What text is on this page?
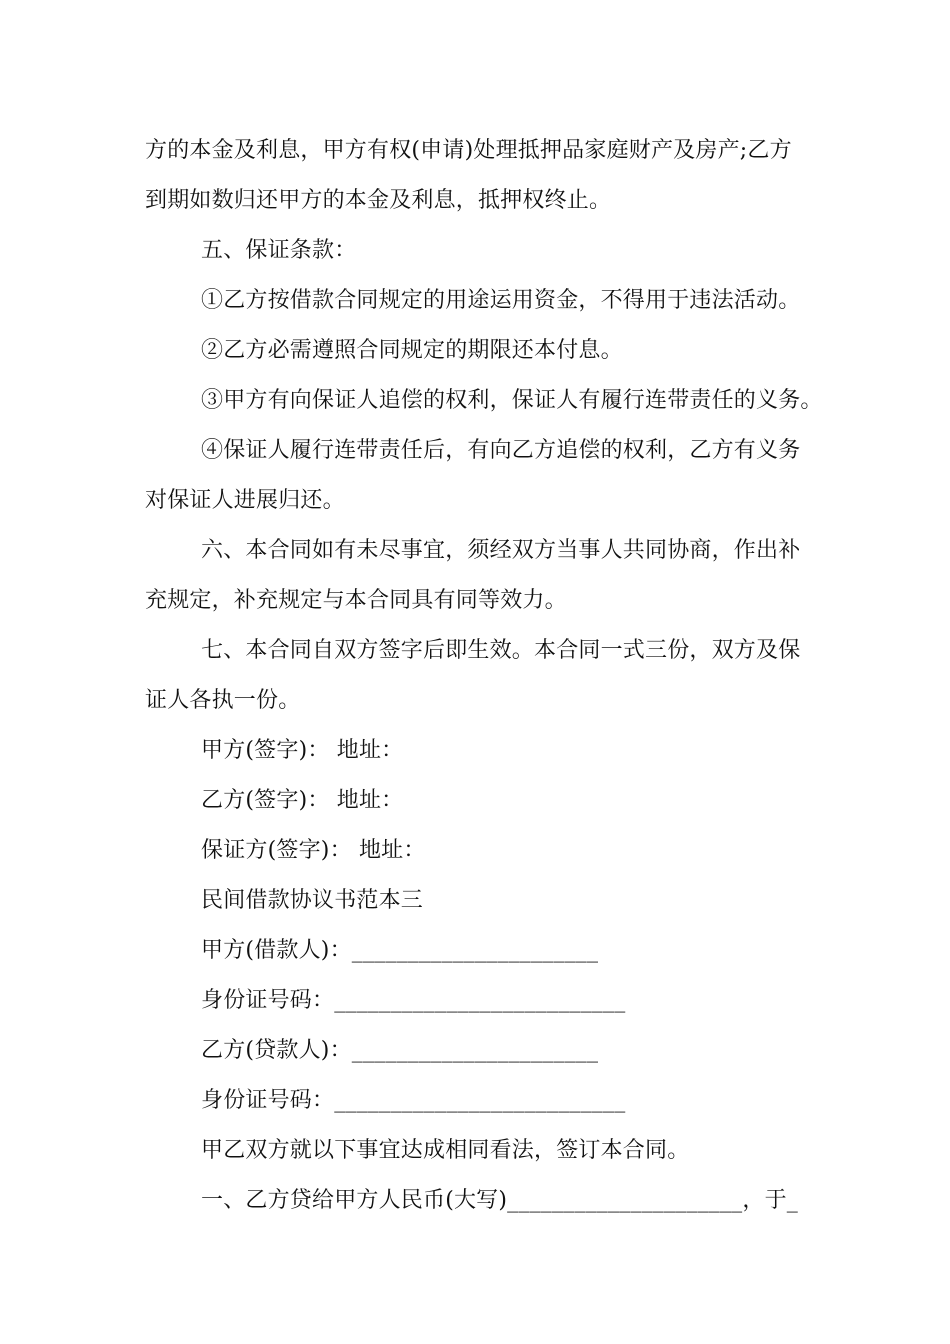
方的本金及利息，甲方有权(申请)处理抵押品家庭财产及房产;乙方
到期如数归还甲方的本金及利息，抵押权终止。
五、保证条款：
①乙方按借款合同规定的用途运用资金，不得用于违法活动。
②乙方必需遵照合同规定的期限还本付息。
③甲方有向保证人追偿的权利，保证人有履行连带责任的义务。
④保证人履行连带责任后，有向乙方追偿的权利，乙方有义务
对保证人进展归还。
六、本合同如有未尽事宜，须经双方当事人共同协商，作出补
充规定，补充规定与本合同具有同等效力。
七、本合同自双方签字后即生效。本合同一式三份，双方及保
证人各执一份。
甲方(签字)： 地址：
乙方(签字)： 地址：
保证方(签字)： 地址：
民间借款协议书范本三
甲方(借款人)：______________________
身份证号码：__________________________
乙方(贷款人)：______________________
身份证号码：__________________________
甲乙双方就以下事宜达成相同看法，签订本合同。
一、乙方贷给甲方人民币(大写)_____________________，于_
